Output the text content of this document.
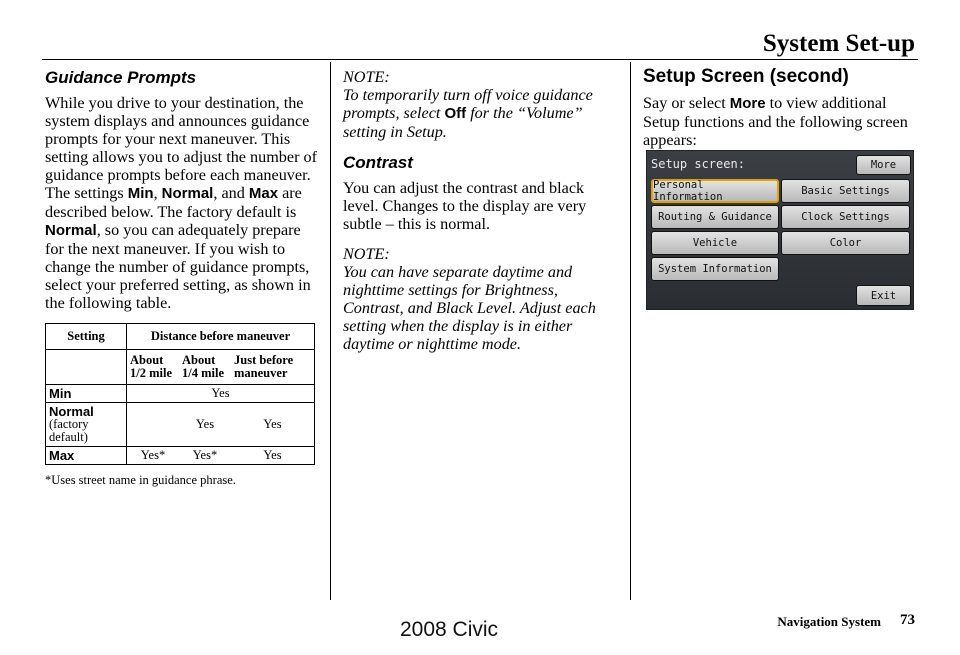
System Set-up
Guidance Prompts

While you drive to your destination, the system displays and announces guidance prompts for your next maneuver. This setting allows you to adjust the number of guidance prompts before each maneuver. The settings Min, Normal, and Max are described below. The factory default is Normal, so you can adequately prepare for the next maneuver. If you wish to change the number of guidance prompts, select your preferred setting, as shown in the following table.

Setting	Distance before maneuver		
	About 1/2 mile	About 1/4 mile	Just before maneuver
Min	Yes		
Normal
(factory default)		Yes	Yes
Max	Yes*	Yes*	Yes
*Uses street name in guidance phrase.

NOTE:

To temporarily turn off voice guidance prompts, select Off for the “Volume” setting in Setup.

Contrast

You can adjust the contrast and black level. Changes to the display are very subtle – this is normal.

NOTE:

You can have separate daytime and nighttime settings for Brightness, Contrast, and Black Level. Adjust each setting when the display is in either daytime or nighttime mode.

Setup Screen (second)

Say or select More to view additional Setup functions and the following screen appears:

Setup screen:	More
Personal Information	Basic Settings
Routing & Guidance	Clock Settings
Vehicle	Color
System Information
Exit
2008 Civic	Navigation System 73
